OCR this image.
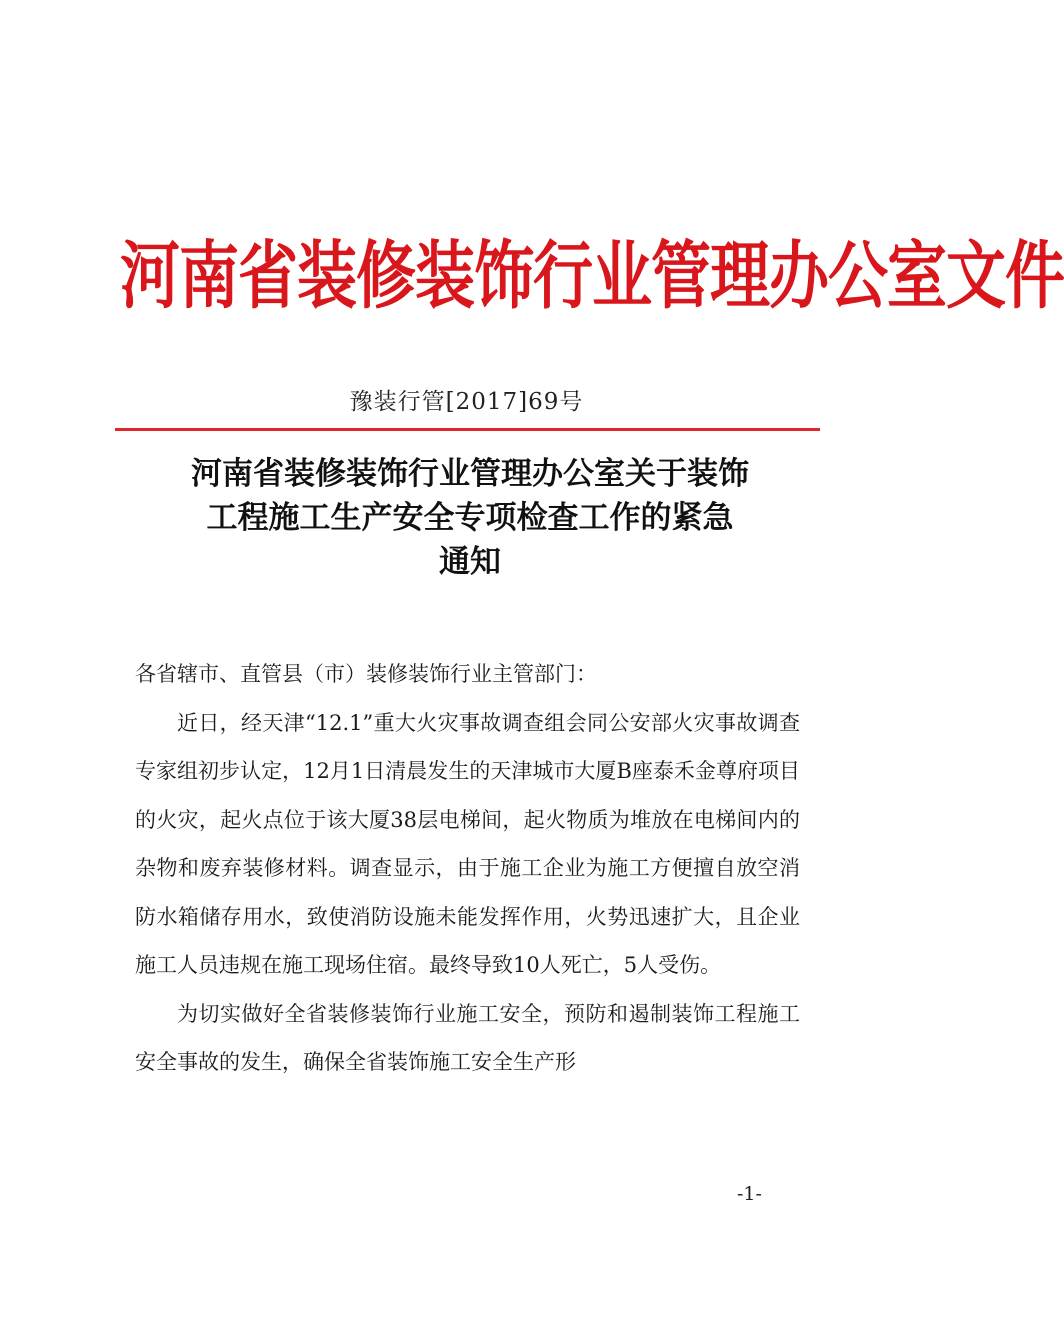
河南省装修装饰行业管理办公室文件
豫装行管[2017]69号
河南省装修装饰行业管理办公室关于装饰
工程施工生产安全专项检查工作的紧急
通知

各省辖市、直管县（市）装修装饰行业主管部门：

近日，经天津“12.1”重大火灾事故调查组会同公安部火灾事故调查专家组初步认定，12月1日清晨发生的天津城市大厦B座泰禾金尊府项目的火灾，起火点位于该大厦38层电梯间，起火物质为堆放在电梯间内的杂物和废弃装修材料。调查显示，由于施工企业为施工方便擅自放空消防水箱储存用水，致使消防设施未能发挥作用，火势迅速扩大，且企业施工人员违规在施工现场住宿。最终导致10人死亡，5人受伤。

为切实做好全省装修装饰行业施工安全，预防和遏制装饰工程施工安全事故的发生，确保全省装饰施工安全生产形

-1-
